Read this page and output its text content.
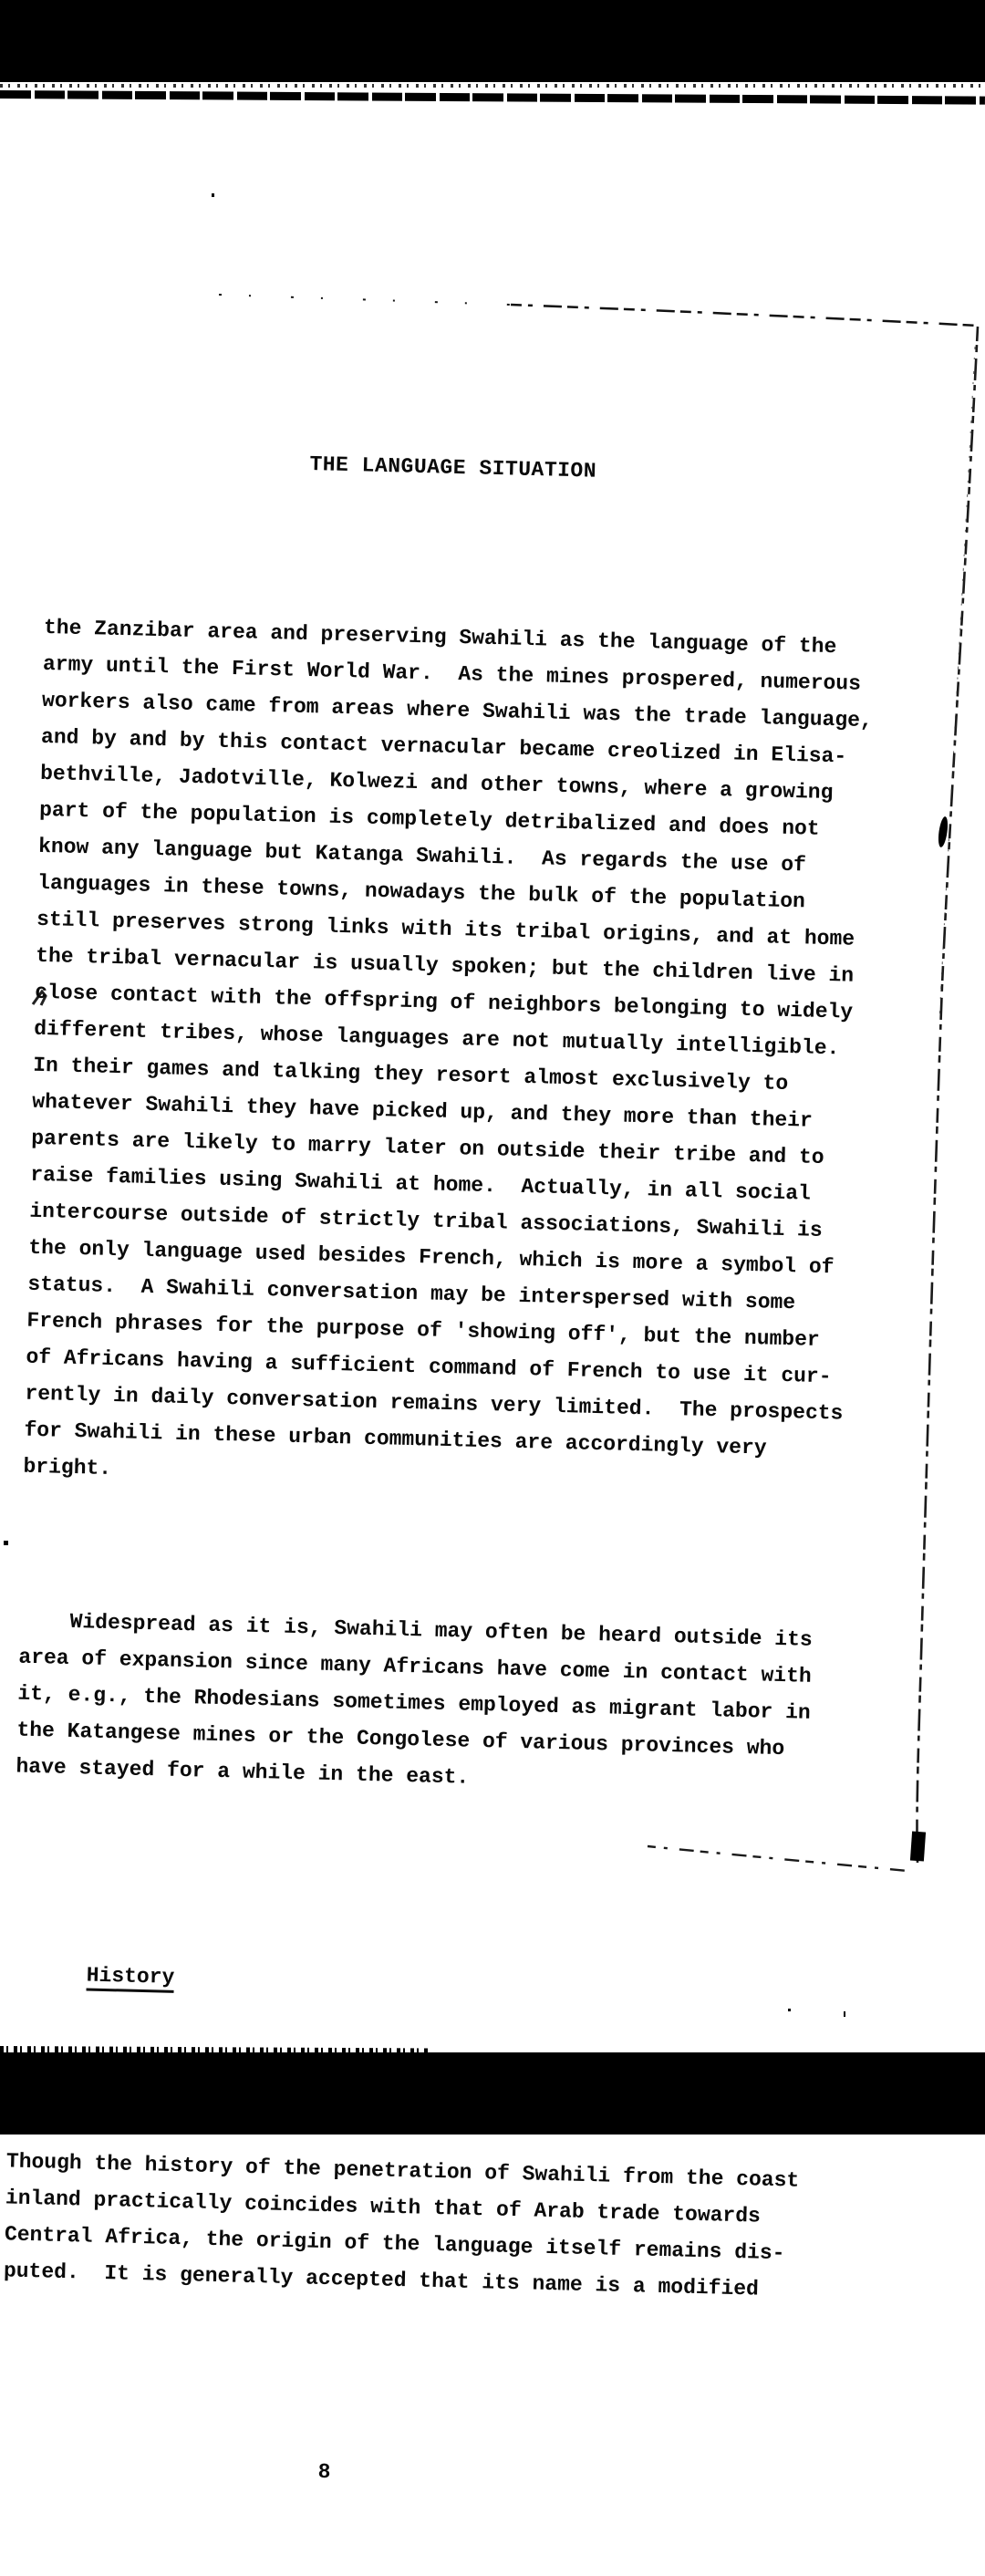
THE LANGUAGE SITUATION

the Zanzibar area and preserving Swahili as the language of the
army until the First World War.  As the mines prospered, numerous
workers also came from areas where Swahili was the trade language,
and by and by this contact vernacular became creolized in Elisa-
bethville, Jadotville, Kolwezi and other towns, where a growing
part of the population is completely detribalized and does not
know any language but Katanga Swahili.  As regards the use of
languages in these towns, nowadays the bulk of the population
still preserves strong links with its tribal origins, and at home
the tribal vernacular is usually spoken; but the children live in
close contact with the offspring of neighbors belonging to widely
different tribes, whose languages are not mutually intelligible.
In their games and talking they resort almost exclusively to
whatever Swahili they have picked up, and they more than their
parents are likely to marry later on outside their tribe and to
raise families using Swahili at home.  Actually, in all social
intercourse outside of strictly tribal associations, Swahili is
the only language used besides French, which is more a symbol of
status.  A Swahili conversation may be interspersed with some
French phrases for the purpose of 'showing off', but the number
of Africans having a sufficient command of French to use it cur-
rently in daily conversation remains very limited.  The prospects
for Swahili in these urban communities are accordingly very
bright.

Widespread as it is, Swahili may often be heard outside its
area of expansion since many Africans have come in contact with
it, e.g., the Rhodesians sometimes employed as migrant labor in
the Katangese mines or the Congolese of various provinces who
have stayed for a while in the east.

History

Though the history of the penetration of Swahili from the coast
inland practically coincides with that of Arab trade towards
Central Africa, the origin of the language itself remains dis-
puted.  It is generally accepted that its name is a modified

8
